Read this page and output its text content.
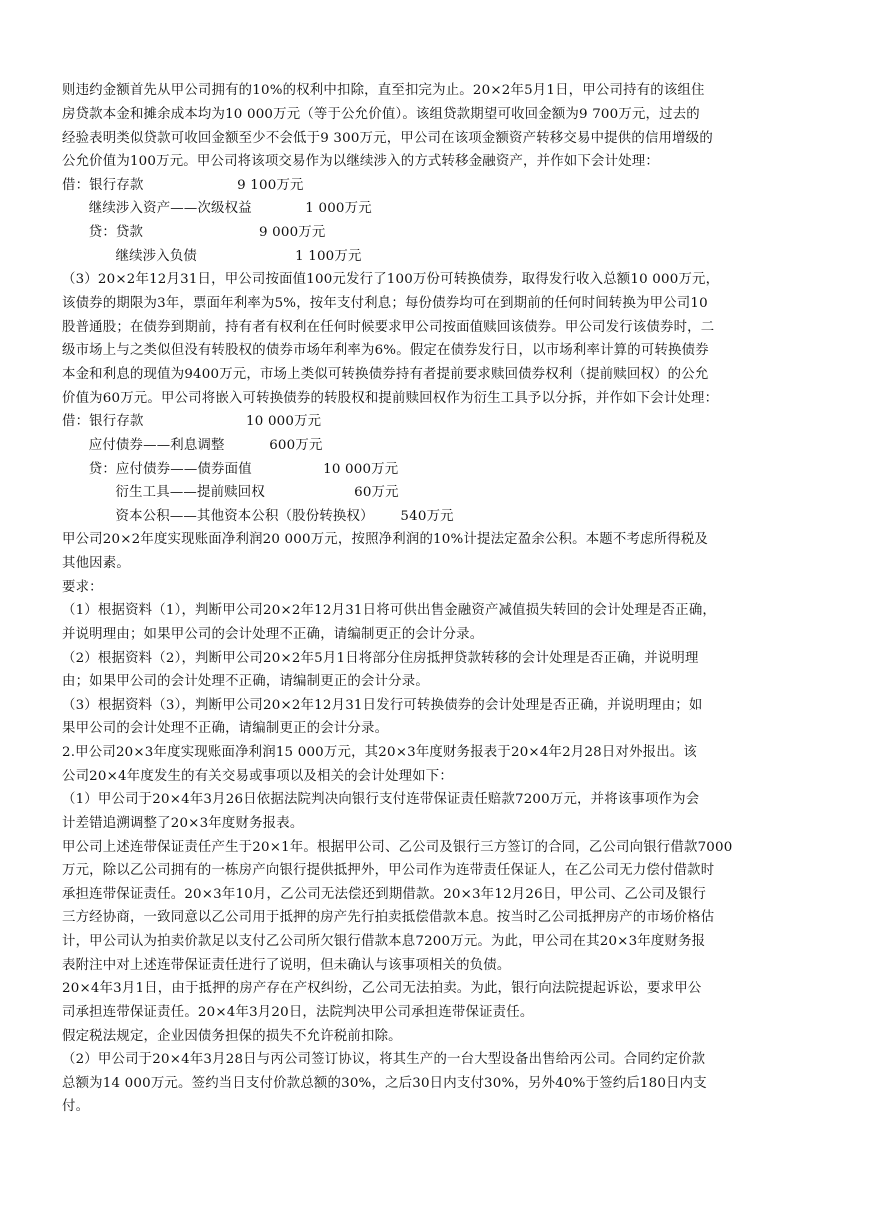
则违约金额首先从甲公司拥有的10%的权利中扣除，直至扣完为止。20×2年5月1日，甲公司持有的该组住
房贷款本金和摊余成本均为10 000万元（等于公允价值）。该组贷款期望可收回金额为9 700万元，过去的
经验表明类似贷款可收回金额至少不会低于9 300万元，甲公司在该项金额资产转移交易中提供的信用增级的
公允价值为100万元。甲公司将该项交易作为以继续涉入的方式转移金融资产，并作如下会计处理：
借：银行存款                     9 100万元
继续涉入资产——次级权益            1 000万元
贷：贷款                          9 000万元
继续涉入负债                      1 100万元
（3）20×2年12月31日，甲公司按面值100元发行了100万份可转换债券，取得发行收入总额10 000万元，
该债券的期限为3年，票面年利率为5%，按年支付利息；每份债券均可在到期前的任何时间转换为甲公司10
股普通股；在债券到期前，持有者有权利在任何时候要求甲公司按面值赎回该债券。甲公司发行该债券时，二
级市场上与之类似但没有转股权的债券市场年利率为6%。假定在债券发行日，以市场利率计算的可转换债券
本金和利息的现值为9400万元，市场上类似可转换债券持有者提前要求赎回债券权利（提前赎回权）的公允
价值为60万元。甲公司将嵌入可转换债券的转股权和提前赎回权作为衍生工具予以分拆，并作如下会计处理：
借：银行存款                       10 000万元
应付债券——利息调整          600万元
贷：应付债券——债券面值                10 000万元
衍生工具——提前赎回权                    60万元
资本公积——其他资本公积（股份转换权）      540万元
甲公司20×2年度实现账面净利润20 000万元，按照净利润的10%计提法定盈余公积。本题不考虑所得税及
其他因素。
要求：
（1）根据资料（1），判断甲公司20×2年12月31日将可供出售金融资产减值损失转回的会计处理是否正确，
并说明理由；如果甲公司的会计处理不正确，请编制更正的会计分录。
（2）根据资料（2），判断甲公司20×2年5月1日将部分住房抵押贷款转移的会计处理是否正确，并说明理
由；如果甲公司的会计处理不正确，请编制更正的会计分录。
（3）根据资料（3），判断甲公司20×2年12月31日发行可转换债券的会计处理是否正确，并说明理由；如
果甲公司的会计处理不正确，请编制更正的会计分录。
2.甲公司20×3年度实现账面净利润15 000万元，其20×3年度财务报表于20×4年2月28日对外报出。该
公司20×4年度发生的有关交易或事项以及相关的会计处理如下：
（1）甲公司于20×4年3月26日依据法院判决向银行支付连带保证责任赔款7200万元，并将该事项作为会
计差错追溯调整了20×3年度财务报表。
甲公司上述连带保证责任产生于20×1年。根据甲公司、乙公司及银行三方签订的合同，乙公司向银行借款7000
万元，除以乙公司拥有的一栋房产向银行提供抵押外，甲公司作为连带责任保证人，在乙公司无力偿付借款时
承担连带保证责任。20×3年10月，乙公司无法偿还到期借款。20×3年12月26日，甲公司、乙公司及银行
三方经协商，一致同意以乙公司用于抵押的房产先行拍卖抵偿借款本息。按当时乙公司抵押房产的市场价格估
计，甲公司认为拍卖价款足以支付乙公司所欠银行借款本息7200万元。为此，甲公司在其20×3年度财务报
表附注中对上述连带保证责任进行了说明，但未确认与该事项相关的负债。
20×4年3月1日，由于抵押的房产存在产权纠纷，乙公司无法拍卖。为此，银行向法院提起诉讼，要求甲公
司承担连带保证责任。20×4年3月20日，法院判决甲公司承担连带保证责任。
假定税法规定，企业因债务担保的损失不允许税前扣除。
（2）甲公司于20×4年3月28日与丙公司签订协议，将其生产的一台大型设备出售给丙公司。合同约定价款
总额为14 000万元。签约当日支付价款总额的30%，之后30日内支付30%，另外40%于签约后180日内支
付。
